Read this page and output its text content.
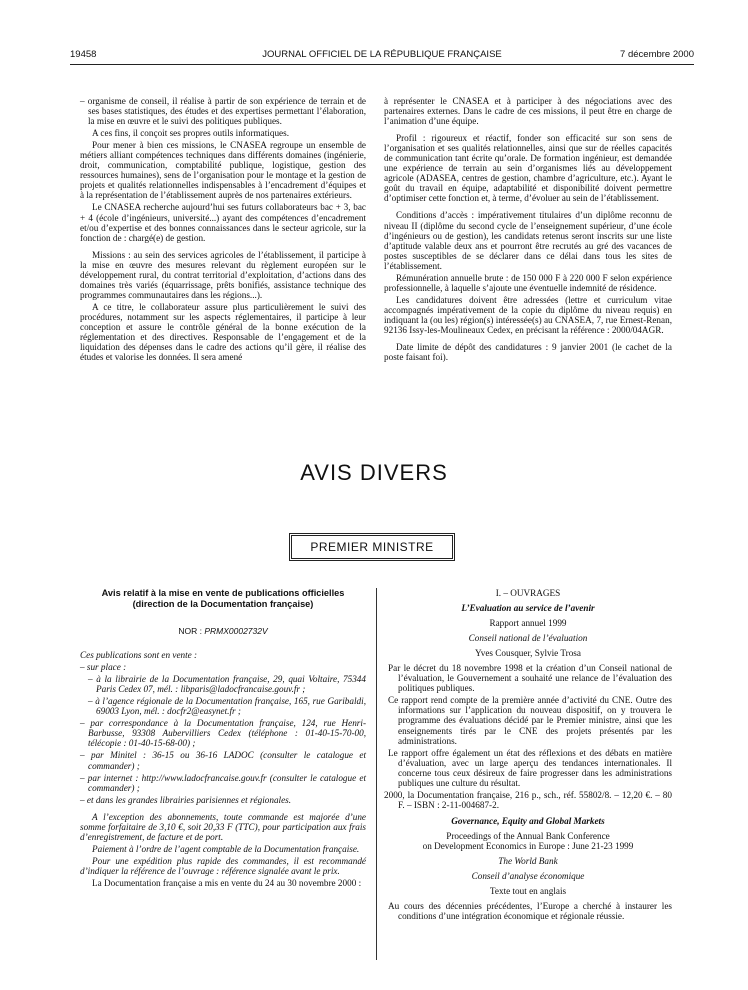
19458	JOURNAL OFFICIEL DE LA RÉPUBLIQUE FRANÇAISE	7 décembre 2000

– organisme de conseil, il réalise à partir de son expérience de terrain et de ses bases statistiques, des études et des expertises permettant l’élaboration, la mise en œuvre et le suivi des politiques publiques.

A ces fins, il conçoit ses propres outils informatiques.

Pour mener à bien ces missions, le CNASEA regroupe un ensemble de métiers alliant compétences techniques dans différents domaines (ingénierie, droit, communication, comptabilité publique, logistique, gestion des ressources humaines), sens de l’organisation pour le montage et la gestion de projets et qualités relationnelles indispensables à l’encadrement d’équipes et à la représentation de l’établissement auprès de nos partenaires extérieurs.

Le CNASEA recherche aujourd’hui ses futurs collaborateurs bac + 3, bac + 4 (école d’ingénieurs, université...) ayant des compétences d’encadrement et/ou d’expertise et des bonnes connaissances dans le secteur agricole, sur la fonction de : chargé(e) de gestion.

Missions : au sein des services agricoles de l’établissement, il participe à la mise en œuvre des mesures relevant du règlement européen sur le développement rural, du contrat territorial d’exploitation, d’actions dans des domaines très variés (équarrissage, prêts bonifiés, assistance technique des programmes communautaires dans les régions...).

A ce titre, le collaborateur assure plus particulièrement le suivi des procédures, notamment sur les aspects réglementaires, il participe à leur conception et assure le contrôle général de la bonne exécution de la réglementation et des directives. Responsable de l’engagement et de la liquidation des dépenses dans le cadre des actions qu’il gère, il réalise des études et valorise les données. Il sera amené

à représenter le CNASEA et à participer à des négociations avec des partenaires externes. Dans le cadre de ces missions, il peut être en charge de l’animation d’une équipe.

Profil : rigoureux et réactif, fonder son efficacité sur son sens de l’organisation et ses qualités relationnelles, ainsi que sur de réelles capacités de communication tant écrite qu’orale. De formation ingénieur, est demandée une expérience de terrain au sein d’organismes liés au développement agricole (ADASEA, centres de gestion, chambre d’agriculture, etc.). Ayant le goût du travail en équipe, adaptabilité et disponibilité doivent permettre d’optimiser cette fonction et, à terme, d’évoluer au sein de l’établissement.

Conditions d’accès : impérativement titulaires d’un diplôme reconnu de niveau II (diplôme du second cycle de l’enseignement supérieur, d’une école d’ingénieurs ou de gestion), les candidats retenus seront inscrits sur une liste d’aptitude valable deux ans et pourront être recrutés au gré des vacances de postes susceptibles de se déclarer dans ce délai dans tous les sites de l’établissement.

Rémunération annuelle brute : de 150 000 F à 220 000 F selon expérience professionnelle, à laquelle s’ajoute une éventuelle indemnité de résidence.

Les candidatures doivent être adressées (lettre et curriculum vitae accompagnés impérativement de la copie du diplôme du niveau requis) en indiquant la (ou les) région(s) intéressée(s) au CNASEA, 7, rue Ernest-Renan, 92136 Issy-les-Moulineaux Cedex, en précisant la référence : 2000/04AGR.

Date limite de dépôt des candidatures : 9 janvier 2001 (le cachet de la poste faisant foi).

AVIS DIVERS
PREMIER MINISTRE
Avis relatif à la mise en vente de publications officielles
(direction de la Documentation française)
NOR : PRMX0002732V

Ces publications sont en vente :

– sur place :

– à la librairie de la Documentation française, 29, quai Voltaire, 75344 Paris Cedex 07, mél. : libparis@ladocfrancaise.gouv.fr ;

– à l’agence régionale de la Documentation française, 165, rue Garibaldi, 69003 Lyon, mél. : docfr2@easynet.fr ;

– par correspondance à la Documentation française, 124, rue Henri-Barbusse, 93308 Aubervilliers Cedex (téléphone : 01-40-15-70-00, télécopie : 01-40-15-68-00) ;

– par Minitel : 36-15 ou 36-16 LADOC (consulter le catalogue et commander) ;

– par internet : http://www.ladocfrancaise.gouv.fr (consulter le catalogue et commander) ;

– et dans les grandes librairies parisiennes et régionales.

A l’exception des abonnements, toute commande est majorée d’une somme forfaitaire de 3,10 €, soit 20,33 F (TTC), pour participation aux frais d’enregistrement, de facture et de port.

Paiement à l’ordre de l’agent comptable de la Documentation française.

Pour une expédition plus rapide des commandes, il est recommandé d’indiquer la référence de l’ouvrage : référence signalée avant le prix.

La Documentation française a mis en vente du 24 au 30 novembre 2000 :

I. – OUVRAGES
L’Evaluation au service de l’avenir
Rapport annuel 1999
Conseil national de l’évaluation
Yves Cousquer, Sylvie Trosa

Par le décret du 18 novembre 1998 et la création d’un Conseil national de l’évaluation, le Gouvernement a souhaité une relance de l’évaluation des politiques publiques.

Ce rapport rend compte de la première année d’activité du CNE. Outre des informations sur l’application du nouveau dispositif, on y trouvera le programme des évaluations décidé par le Premier ministre, ainsi que les enseignements tirés par le CNE des projets présentés par les administrations.

Le rapport offre également un état des réflexions et des débats en matière d’évaluation, avec un large aperçu des tendances internationales. Il concerne tous ceux désireux de faire progresser dans les administrations publiques une culture du résultat.

2000, la Documentation française, 216 p., sch., réf. 55802/8. – 12,20 €. – 80 F. – ISBN : 2-11-004687-2.

Governance, Equity and Global Markets
Proceedings of the Annual Bank Conference
on Development Economics in Europe : June 21-23 1999
The World Bank
Conseil d’analyse économique
Texte tout en anglais

Au cours des décennies précédentes, l’Europe a cherché à instaurer les conditions d’une intégration économique et régionale réussie.
